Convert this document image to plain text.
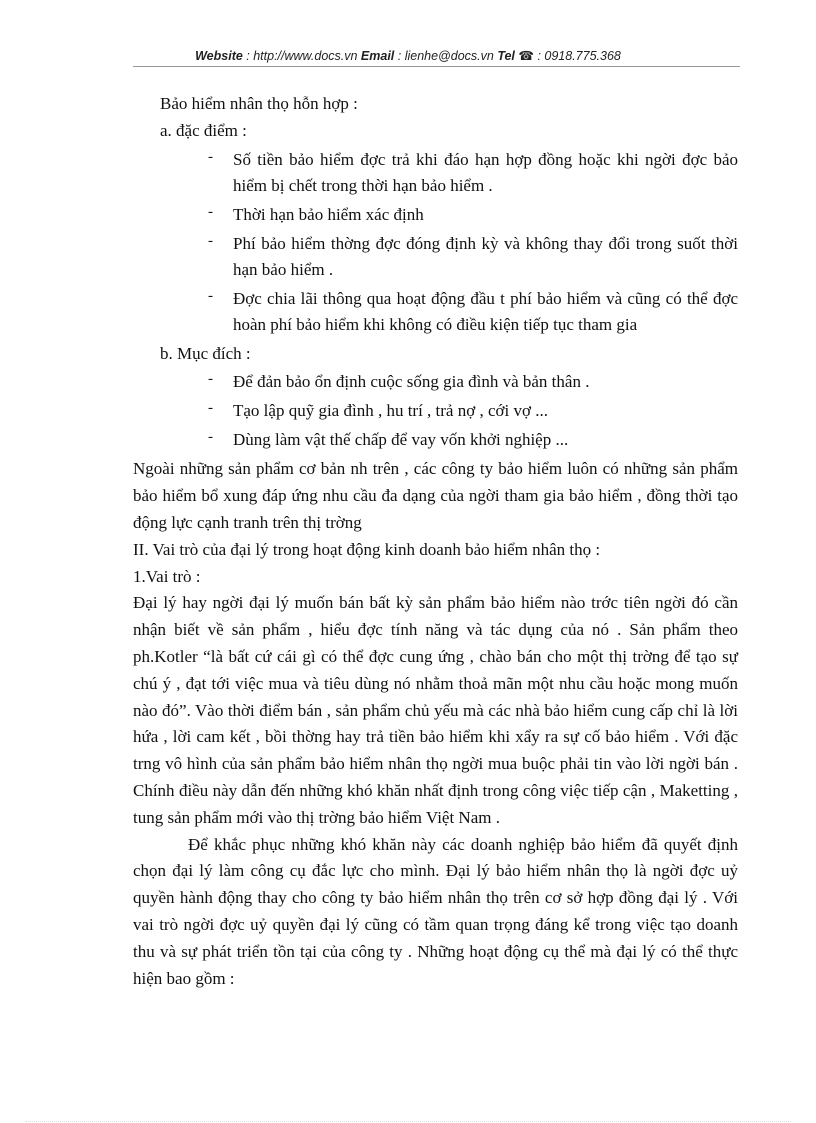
Website : http://www.docs.vn Email : lienhe@docs.vn Tel ☎ : 0918.775.368

Bảo hiểm nhân thọ hỗn hợp :

a. đặc điểm :

- Số tiền bảo hiểm đợc trả khi đáo hạn hợp đồng hoặc khi ngời đợc bảo hiểm bị chết trong thời hạn bảo hiểm .

- Thời hạn bảo hiểm xác định

- Phí bảo hiểm thờng đợc đóng định kỳ và không thay đổi trong suốt thời hạn bảo hiểm .

- Đợc chia lãi thông qua hoạt động đầu t phí bảo hiểm và cũng có thể đợc hoàn phí bảo hiểm khi không có điều kiện tiếp tục tham gia

b. Mục đích :

- Để đản bảo ổn định cuộc sống gia đình và bản thân .

- Tạo lập quỹ gia đình , hu trí , trả nợ , cới vợ ...

- Dùng làm vật thế chấp để vay vốn khởi nghiệp ...

Ngoài những sản phẩm cơ bản nh trên , các công ty bảo hiểm luôn có những sản phẩm bảo hiểm bổ xung đáp ứng nhu cầu đa dạng của ngời tham gia bảo hiểm , đồng thời tạo động lực cạnh tranh trên thị trờng

II. Vai trò của đại lý trong hoạt động kinh doanh bảo hiểm nhân thọ :

1.Vai trò :

Đại lý hay ngời đại lý muốn bán bất kỳ sản phẩm bảo hiểm nào trớc tiên ngời đó cần nhận biết về sản phẩm , hiểu đợc tính năng và tác dụng của nó . Sản phẩm theo ph.Kotler “là bất cứ cái gì có thể đợc cung ứng , chào bán cho một thị trờng để tạo sự chú ý , đạt tới việc mua và tiêu dùng nó nhằm thoả mãn một nhu cầu hoặc mong muốn nào đó”. Vào thời điểm bán , sản phẩm chủ yếu mà các nhà bảo hiểm cung cấp chỉ là lời hứa , lời cam kết , bồi thờng hay trả tiền bảo hiểm khi xẩy ra sự cố bảo hiểm . Với đặc trng vô hình của sản phẩm bảo hiểm nhân thọ ngời mua buộc phải tin vào lời ngời bán . Chính điều này dẫn đến những khó khăn nhất định trong công việc tiếp cận , Maketting , tung sản phẩm mới vào thị trờng bảo hiểm Việt Nam .

Để khắc phục những khó khăn này các doanh nghiệp bảo hiểm đã quyết định chọn đại lý làm công cụ đắc lực cho mình. Đại lý bảo hiểm nhân thọ là ngời đợc uỷ quyền hành động thay cho công ty bảo hiểm nhân thọ trên cơ sở hợp đồng đại lý . Với vai trò ngời đợc uỷ quyền đại lý cũng có tầm quan trọng đáng kể trong việc tạo doanh thu và sự phát triển tồn tại của công ty . Những hoạt động cụ thể mà đại lý có thể thực hiện bao gồm :
